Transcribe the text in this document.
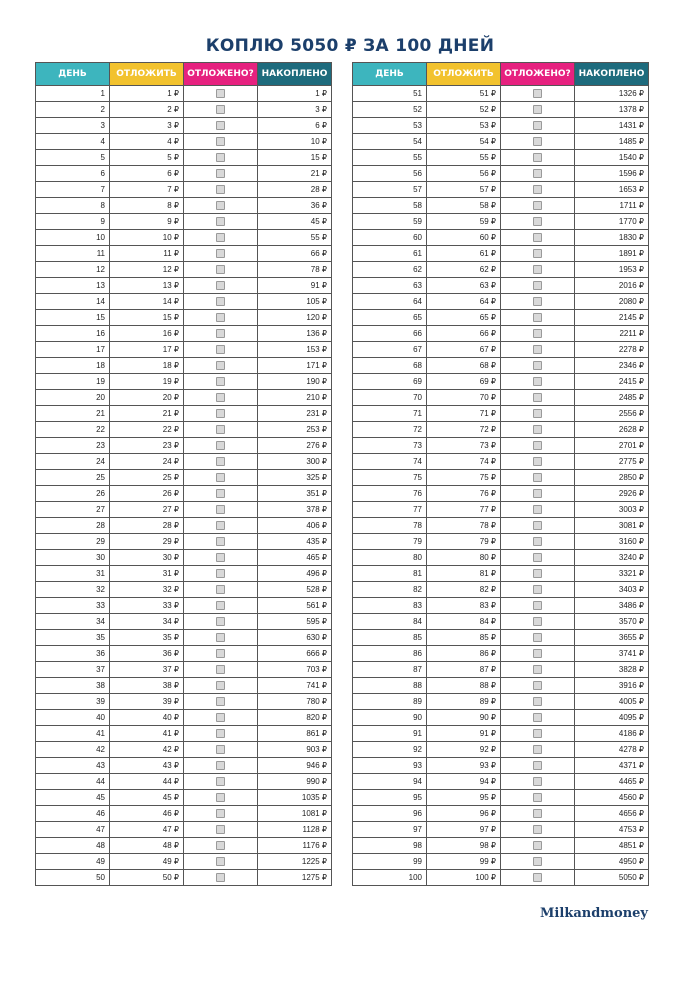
КОПЛЮ 5050 ₽ ЗА 100 ДНЕЙ
ДЕНЬ	ОТЛОЖИТЬ	ОТЛОЖЕНО?	НАКОПЛЕНО
1	1 ₽		1 ₽
2	2 ₽		3 ₽
3	3 ₽		6 ₽
4	4 ₽		10 ₽
5	5 ₽		15 ₽
6	6 ₽		21 ₽
7	7 ₽		28 ₽
8	8 ₽		36 ₽
9	9 ₽		45 ₽
10	10 ₽		55 ₽
11	11 ₽		66 ₽
12	12 ₽		78 ₽
13	13 ₽		91 ₽
14	14 ₽		105 ₽
15	15 ₽		120 ₽
16	16 ₽		136 ₽
17	17 ₽		153 ₽
18	18 ₽		171 ₽
19	19 ₽		190 ₽
20	20 ₽		210 ₽
21	21 ₽		231 ₽
22	22 ₽		253 ₽
23	23 ₽		276 ₽
24	24 ₽		300 ₽
25	25 ₽		325 ₽
26	26 ₽		351 ₽
27	27 ₽		378 ₽
28	28 ₽		406 ₽
29	29 ₽		435 ₽
30	30 ₽		465 ₽
31	31 ₽		496 ₽
32	32 ₽		528 ₽
33	33 ₽		561 ₽
34	34 ₽		595 ₽
35	35 ₽		630 ₽
36	36 ₽		666 ₽
37	37 ₽		703 ₽
38	38 ₽		741 ₽
39	39 ₽		780 ₽
40	40 ₽		820 ₽
41	41 ₽		861 ₽
42	42 ₽		903 ₽
43	43 ₽		946 ₽
44	44 ₽		990 ₽
45	45 ₽		1035 ₽
46	46 ₽		1081 ₽
47	47 ₽		1128 ₽
48	48 ₽		1176 ₽
49	49 ₽		1225 ₽
50	50 ₽		1275 ₽
ДЕНЬ	ОТЛОЖИТЬ	ОТЛОЖЕНО?	НАКОПЛЕНО
51	51 ₽		1326 ₽
52	52 ₽		1378 ₽
53	53 ₽		1431 ₽
54	54 ₽		1485 ₽
55	55 ₽		1540 ₽
56	56 ₽		1596 ₽
57	57 ₽		1653 ₽
58	58 ₽		1711 ₽
59	59 ₽		1770 ₽
60	60 ₽		1830 ₽
61	61 ₽		1891 ₽
62	62 ₽		1953 ₽
63	63 ₽		2016 ₽
64	64 ₽		2080 ₽
65	65 ₽		2145 ₽
66	66 ₽		2211 ₽
67	67 ₽		2278 ₽
68	68 ₽		2346 ₽
69	69 ₽		2415 ₽
70	70 ₽		2485 ₽
71	71 ₽		2556 ₽
72	72 ₽		2628 ₽
73	73 ₽		2701 ₽
74	74 ₽		2775 ₽
75	75 ₽		2850 ₽
76	76 ₽		2926 ₽
77	77 ₽		3003 ₽
78	78 ₽		3081 ₽
79	79 ₽		3160 ₽
80	80 ₽		3240 ₽
81	81 ₽		3321 ₽
82	82 ₽		3403 ₽
83	83 ₽		3486 ₽
84	84 ₽		3570 ₽
85	85 ₽		3655 ₽
86	86 ₽		3741 ₽
87	87 ₽		3828 ₽
88	88 ₽		3916 ₽
89	89 ₽		4005 ₽
90	90 ₽		4095 ₽
91	91 ₽		4186 ₽
92	92 ₽		4278 ₽
93	93 ₽		4371 ₽
94	94 ₽		4465 ₽
95	95 ₽		4560 ₽
96	96 ₽		4656 ₽
97	97 ₽		4753 ₽
98	98 ₽		4851 ₽
99	99 ₽		4950 ₽
100	100 ₽		5050 ₽
Milkandmoney
